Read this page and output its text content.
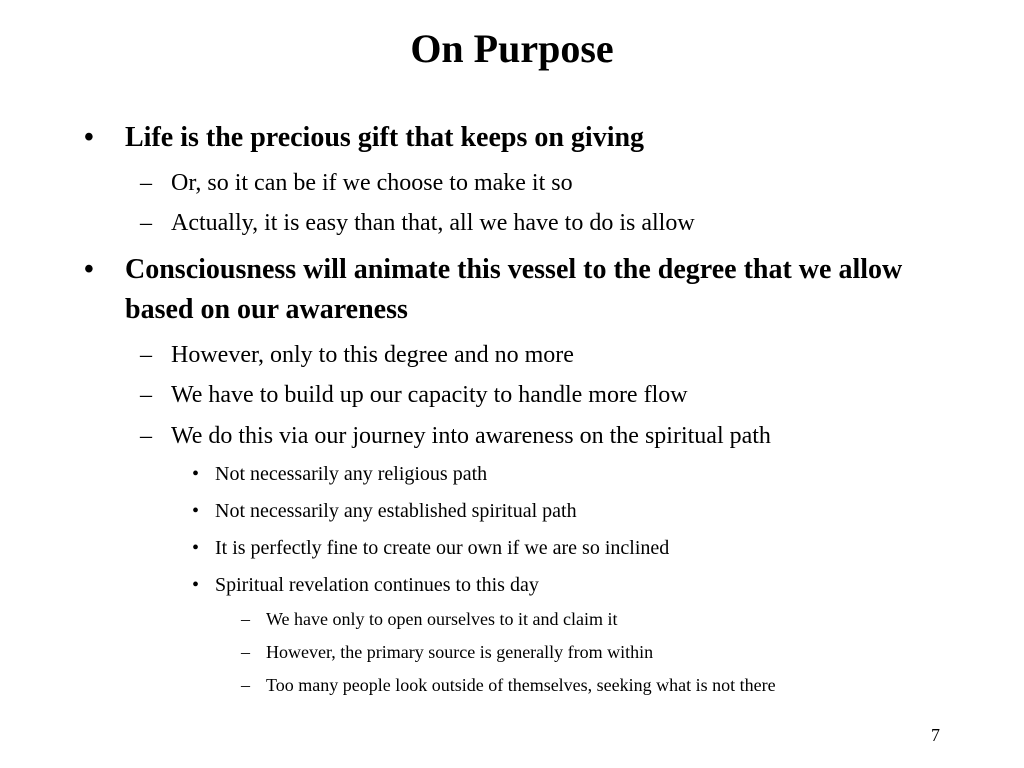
On Purpose
• Life is the precious gift that keeps on giving
– Or, so it can be if we choose to make it so
– Actually, it is easy than that, all we have to do is allow
• Consciousness will animate this vessel to the degree that we allow based on our awareness
– However, only to this degree and no more
– We have to build up our capacity to handle more flow
– We do this via our journey into awareness on the spiritual path
• Not necessarily any religious path
• Not necessarily any established spiritual path
• It is perfectly fine to create our own if we are so inclined
• Spiritual revelation continues to this day
– We have only to open ourselves to it and claim it
– However, the primary source is generally from within
– Too many people look outside of themselves, seeking what is not there
7
